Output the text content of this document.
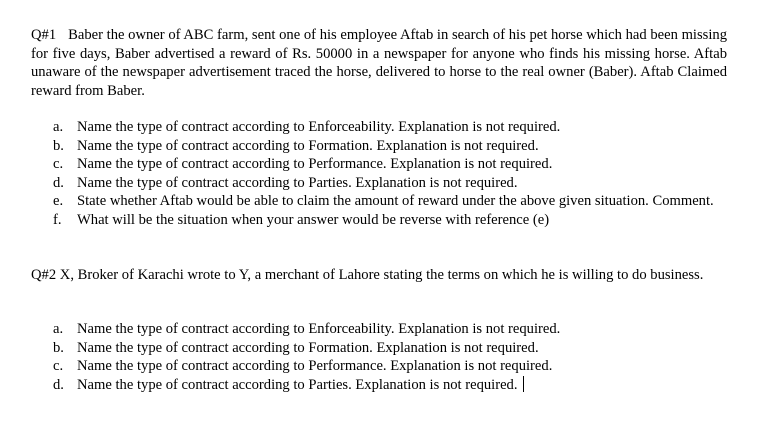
Q#1 Baber the owner of ABC farm, sent one of his employee Aftab in search of his pet horse which had been missing for five days, Baber advertised a reward of Rs. 50000 in a newspaper for anyone who finds his missing horse. Aftab unaware of the newspaper advertisement traced the horse, delivered to horse to the real owner (Baber). Aftab Claimed reward from Baber.

a. Name the type of contract according to Enforceability. Explanation is not required.
b. Name the type of contract according to Formation. Explanation is not required.
c. Name the type of contract according to Performance. Explanation is not required.
d. Name the type of contract according to Parties. Explanation is not required.
e. State whether Aftab would be able to claim the amount of reward under the above given situation. Comment.
f. What will be the situation when your answer would be reverse with reference (e)

Q#2 X, Broker of Karachi wrote to Y, a merchant of Lahore stating the terms on which he is willing to do business.

a. Name the type of contract according to Enforceability. Explanation is not required.
b. Name the type of contract according to Formation. Explanation is not required.
c. Name the type of contract according to Performance. Explanation is not required.
d. Name the type of contract according to Parties. Explanation is not required.
